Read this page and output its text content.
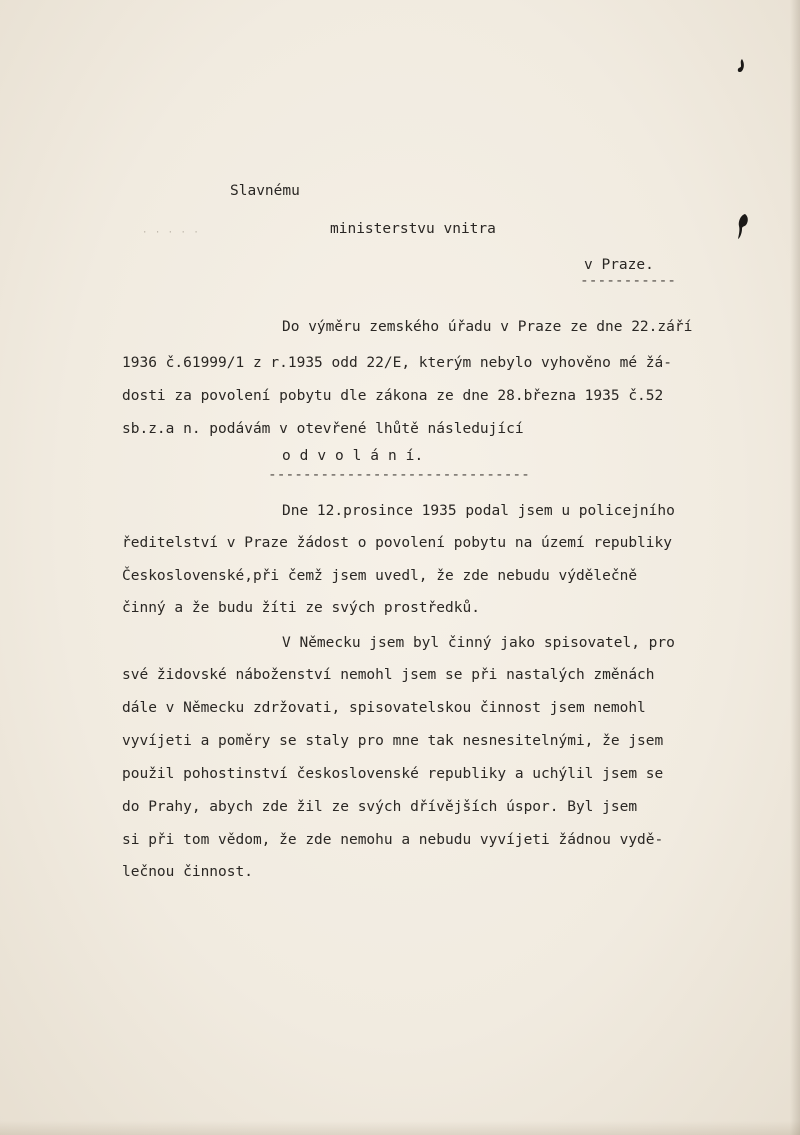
· · · · ·
Slavnému
ministerstvu vnitra
v Praze.
-----------
Do výměru zemského úřadu v Praze ze dne 22.září
1936 č.61999/1 z r.1935 odd 22/E, kterým nebylo vyhověno mé žá-
dosti za povolení pobytu dle zákona ze dne 28.března 1935 č.52
sb.z.a n. podávám v otevřené lhůtě následující
o d v o l á n í.
------------------------------
Dne 12.prosince 1935 podal jsem u policejního
ředitelství v Praze žádost o povolení pobytu na území republiky
Československé,při čemž jsem uvedl, že zde nebudu výdělečně
činný a že budu žíti ze svých prostředků.
V Německu jsem byl činný jako spisovatel, pro
své židovské náboženství nemohl jsem se při nastalých změnách
dále v Německu zdržovati, spisovatelskou činnost jsem nemohl
vyvíjeti a poměry se staly pro mne tak nesnesitelnými, že jsem
použil pohostinství československé republiky a uchýlil jsem se
do Prahy, abych zde žil ze svých dřívějších úspor. Byl jsem
si při tom vědom, že zde nemohu a nebudu vyvíjeti žádnou vydě-
lečnou činnost.
